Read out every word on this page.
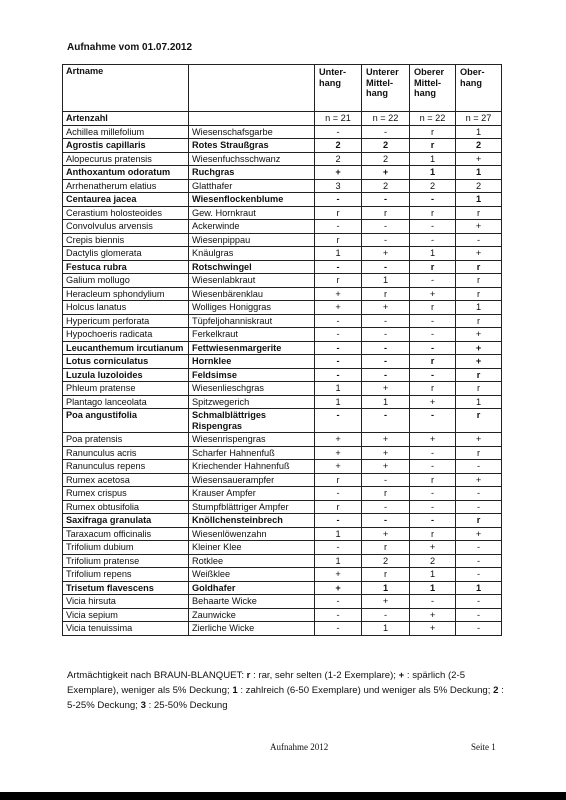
Aufnahme vom 01.07.2012
Artname		Unter-hang	Unterer Mittel-hang	Oberer Mittel-hang	Ober-hang
Artenzahl		n = 21	n = 22	n = 22	n = 27
Achillea millefolium	Wiesenschafsgarbe	-	-	r	1
Agrostis capillaris	Rotes Straußgras	2	2	r	2
Alopecurus pratensis	Wiesenfuchsschwanz	2	2	1	+
Anthoxantum odoratum	Ruchgras	+	+	1	1
Arrhenatherum elatius	Glatthafer	3	2	2	2
Centaurea jacea	Wiesenflockenblume	-	-	-	1
Cerastium holosteoides	Gew. Hornkraut	r	r	r	r
Convolvulus arvensis	Ackerwinde	-	-	-	+
Crepis biennis	Wiesenpippau	r	-	-	-
Dactylis glomerata	Knäulgras	1	+	1	+
Festuca rubra	Rotschwingel	-	-	r	r
Galium mollugo	Wiesenlabkraut	r	1	-	r
Heracleum sphondylium	Wiesenbärenklau	+	r	+	r
Holcus lanatus	Wolliges Honiggras	+	+	r	1
Hypericum perforata	Tüpfeljohanniskraut	-	-	-	r
Hypochoeris radicata	Ferkelkraut	-	-	-	+
Leucanthemum ircutianum	Fettwiesenmargerite	-	-	-	+
Lotus corniculatus	Hornklee	-	-	r	+
Luzula luzoloides	Feldsimse	-	-	-	r
Phleum pratense	Wiesenlieschgras	1	+	r	r
Plantago lanceolata	Spitzwegerich	1	1	+	1
Poa angustifolia	Schmalblättriges Rispengras	-	-	-	r
Poa pratensis	Wiesenrispengras	+	+	+	+
Ranunculus acris	Scharfer Hahnenfuß	+	+	-	r
Ranunculus repens	Kriechender Hahnenfuß	+	+	-	-
Rumex acetosa	Wiesensauerampfer	r	-	r	+
Rumex crispus	Krauser Ampfer	-	r	-	-
Rumex obtusifolia	Stumpfblättriger Ampfer	r	-	-	-
Saxifraga granulata	Knöllchensteinbrech	-	-	-	r
Taraxacum officinalis	Wiesenlöwenzahn	1	+	r	+
Trifolium dubium	Kleiner Klee	-	r	+	-
Trifolium pratense	Rotklee	1	2	2	-
Trifolium repens	Weißklee	+	r	1	-
Trisetum flavescens	Goldhafer	+	1	1	1
Vicia hirsuta	Behaarte Wicke	-	+	-	-
Vicia sepium	Zaunwicke	-	-	+	-
Vicia tenuissima	Zierliche Wicke	-	1	+	-

Artmächtigkeit nach BRAUN-BLANQUET: r : rar, sehr selten (1-2 Exemplare); + : spärlich (2-5 Exemplare), weniger als 5% Deckung; 1 : zahlreich (6-50 Exemplare) und weniger als 5% Deckung; 2 : 5-25% Deckung; 3 : 25-50% Deckung

Aufnahme 2012	Seite 1
